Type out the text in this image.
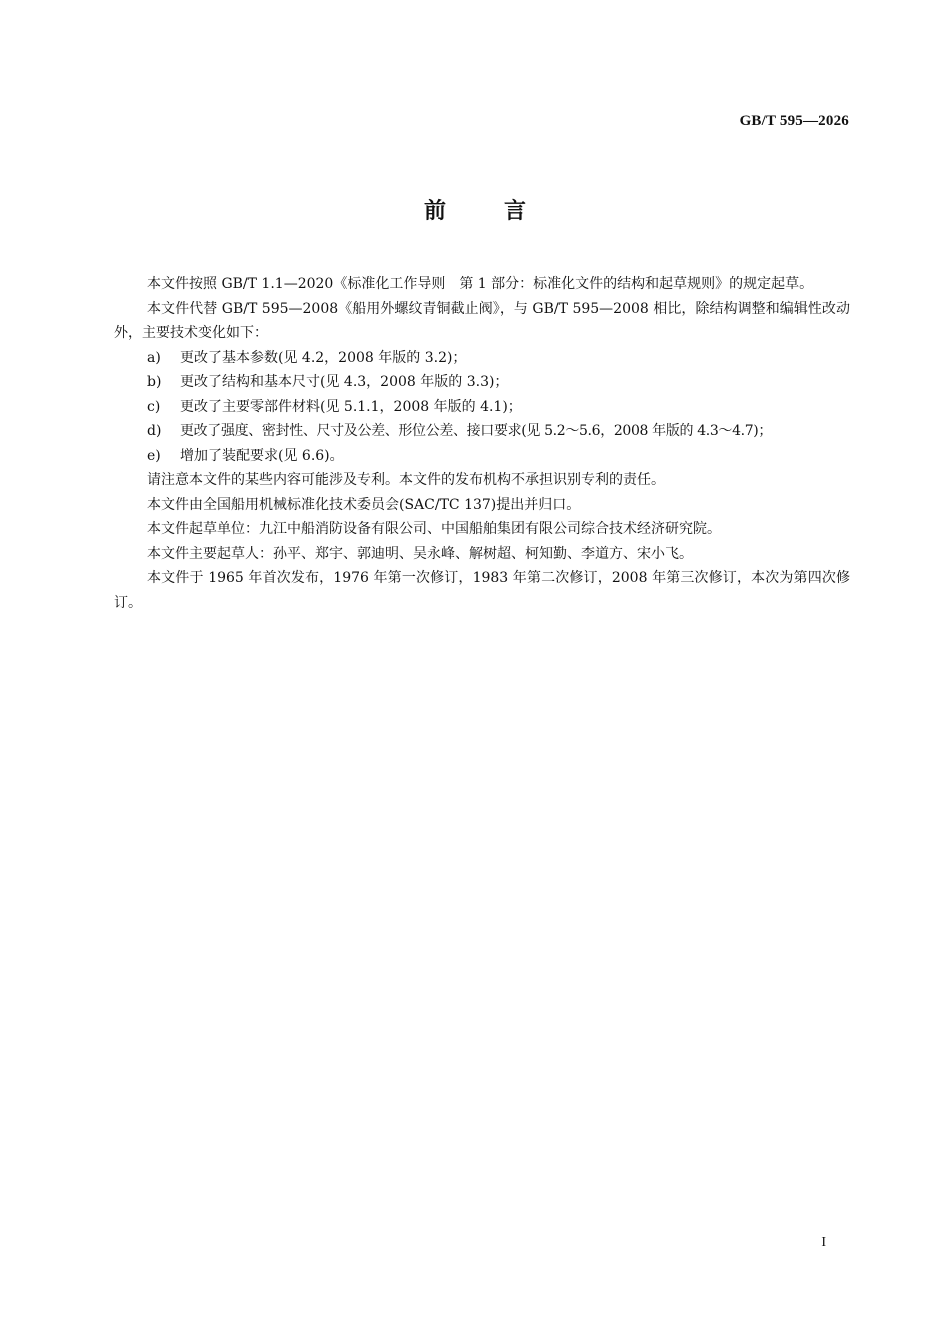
GB/T 595—2026
前言

本文件按照 GB/T 1.1—2020《标准化工作导则　第 1 部分：标准化文件的结构和起草规则》的规定起草。

本文件代替 GB/T 595—2008《船用外螺纹青铜截止阀》，与 GB/T 595—2008 相比，除结构调整和编辑性改动外，主要技术变化如下：

a) 更改了基本参数(见 4.2，2008 年版的 3.2)；

b) 更改了结构和基本尺寸(见 4.3，2008 年版的 3.3)；

c) 更改了主要零部件材料(见 5.1.1，2008 年版的 4.1)；

d) 更改了强度、密封性、尺寸及公差、形位公差、接口要求(见 5.2～5.6，2008 年版的 4.3～4.7)；

e) 增加了装配要求(见 6.6)。

请注意本文件的某些内容可能涉及专利。本文件的发布机构不承担识别专利的责任。

本文件由全国船用机械标准化技术委员会(SAC/TC 137)提出并归口。

本文件起草单位：九江中船消防设备有限公司、中国船舶集团有限公司综合技术经济研究院。

本文件主要起草人：孙平、郑宇、郭迪明、吴永峰、解树超、柯知勤、李道方、宋小飞。

本文件于 1965 年首次发布，1976 年第一次修订，1983 年第二次修订，2008 年第三次修订，本次为第四次修订。

I
